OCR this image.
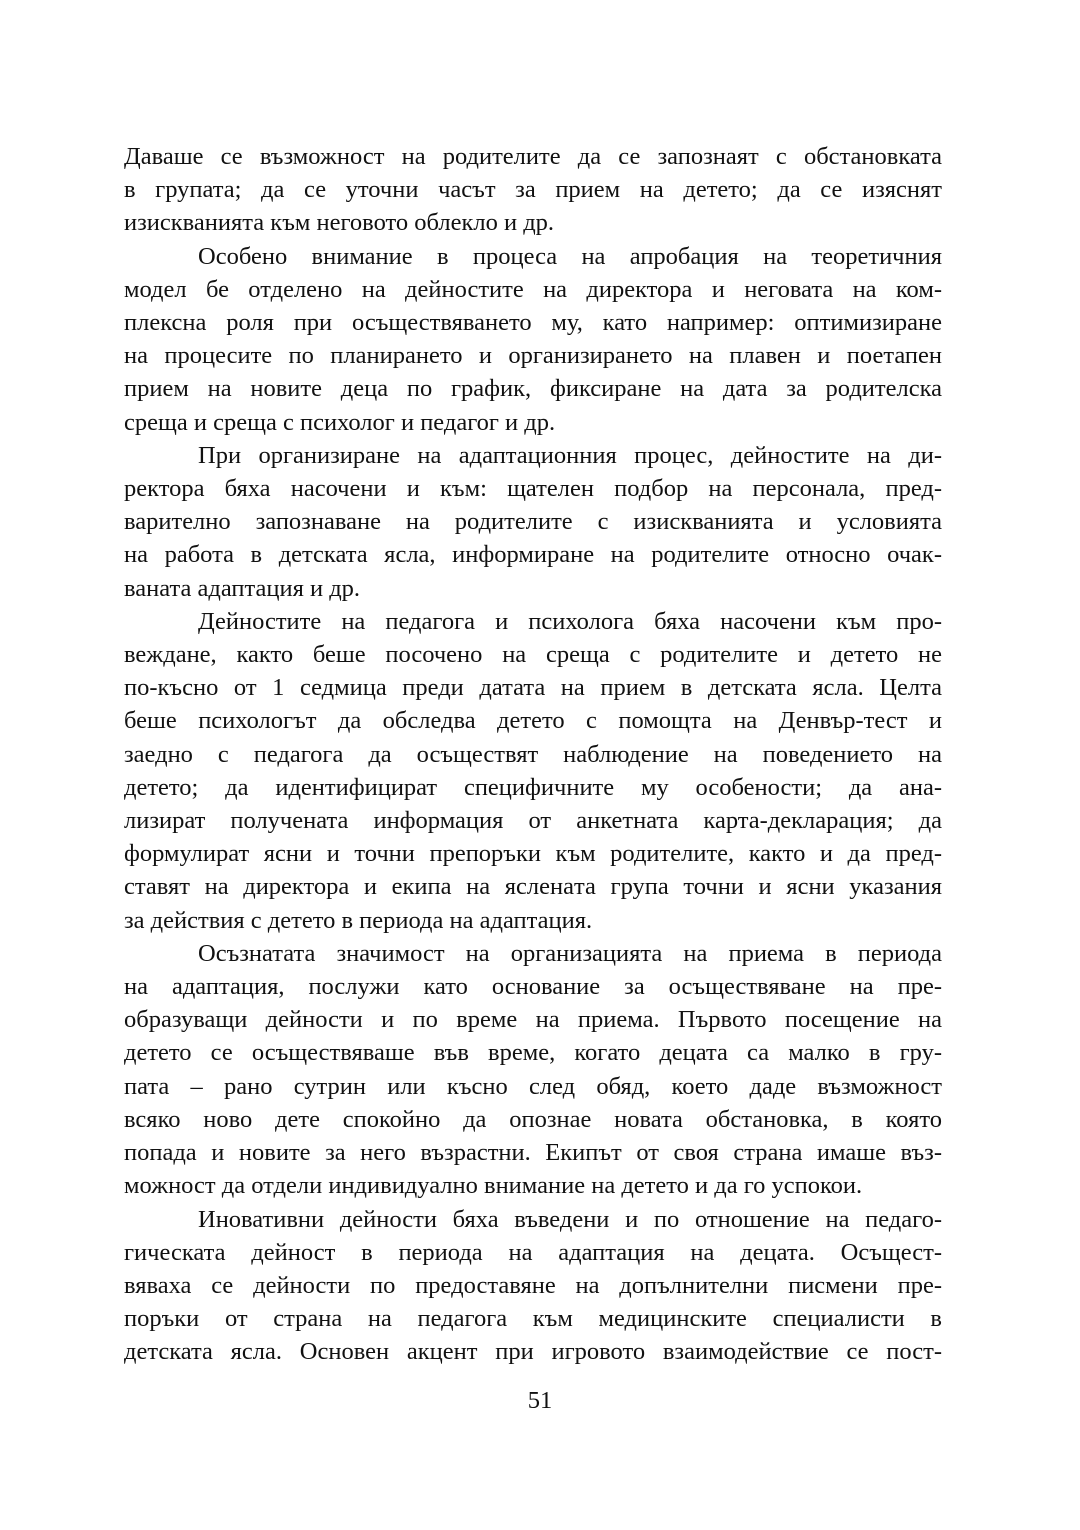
Даваше се възможност на родителите да се запознаят с обстановката
в групата; да се уточни часът за прием на детето; да се изяснят
изискванията към неговото облекло и др.
Особено внимание в процеса на апробация на теоретичния
модел бе отделено на дейностите на директора и неговата на ком-
плексна роля при осъществяването му, като например: оптимизиране
на процесите по планирането и организирането на плавен и поетапен
прием на новите деца по график, фиксиране на дата за родителска
среща и среща с психолог и педагог и др.
При организиране на адаптационния процес, дейностите на ди-
ректора бяха насочени и към: щателен подбор на персонала, пред-
варително запознаване на родителите с изискванията и условията
на работа в детската ясла, информиране на родителите относно очак-
ваната адаптация и др.
Дейностите на педагога и психолога бяха насочени към про-
веждане, както беше посочено на среща с родителите и детето не
по-късно от 1 седмица преди датата на прием в детската ясла. Целта
беше психологът да обследва детето с помощта на Денвър-тест и
заедно с педагога да осъществят наблюдение на поведението на
детето; да идентифицират специфичните му особености; да ана-
лизират получената информация от анкетната карта-декларация; да
формулират ясни и точни препоръки към родителите, както и да пред-
ставят на директора и екипа на ясленaта група точни и ясни указания
за действия с детето в периода на адаптация.
Осъзнатата значимост на организацията на приема в периода
на адаптация, послужи като основание за осъществяване на пре-
образуващи дейности и по време на приема. Първото посещение на
детето се осъществяваше във време, когато децата са малко в гру-
пата – рано сутрин или късно след обяд, което даде възможност
всяко ново дете спокойно да опознае новата обстановка, в която
попада и новите за него възрастни. Екипът от своя страна имаше въз-
можност да отдели индивидуално внимание на детето и да го успокои.
Иновативни дейности бяха въведени и по отношение на педаго-
гическата дейност в периода на адаптация на децата. Осъщест-
вяваха се дейности по предоставяне на допълнителни писмени пре-
поръки от страна на педагога към медицинските специалисти в
детската ясла. Основен акцент при игровото взаимодействие се пост-
51
